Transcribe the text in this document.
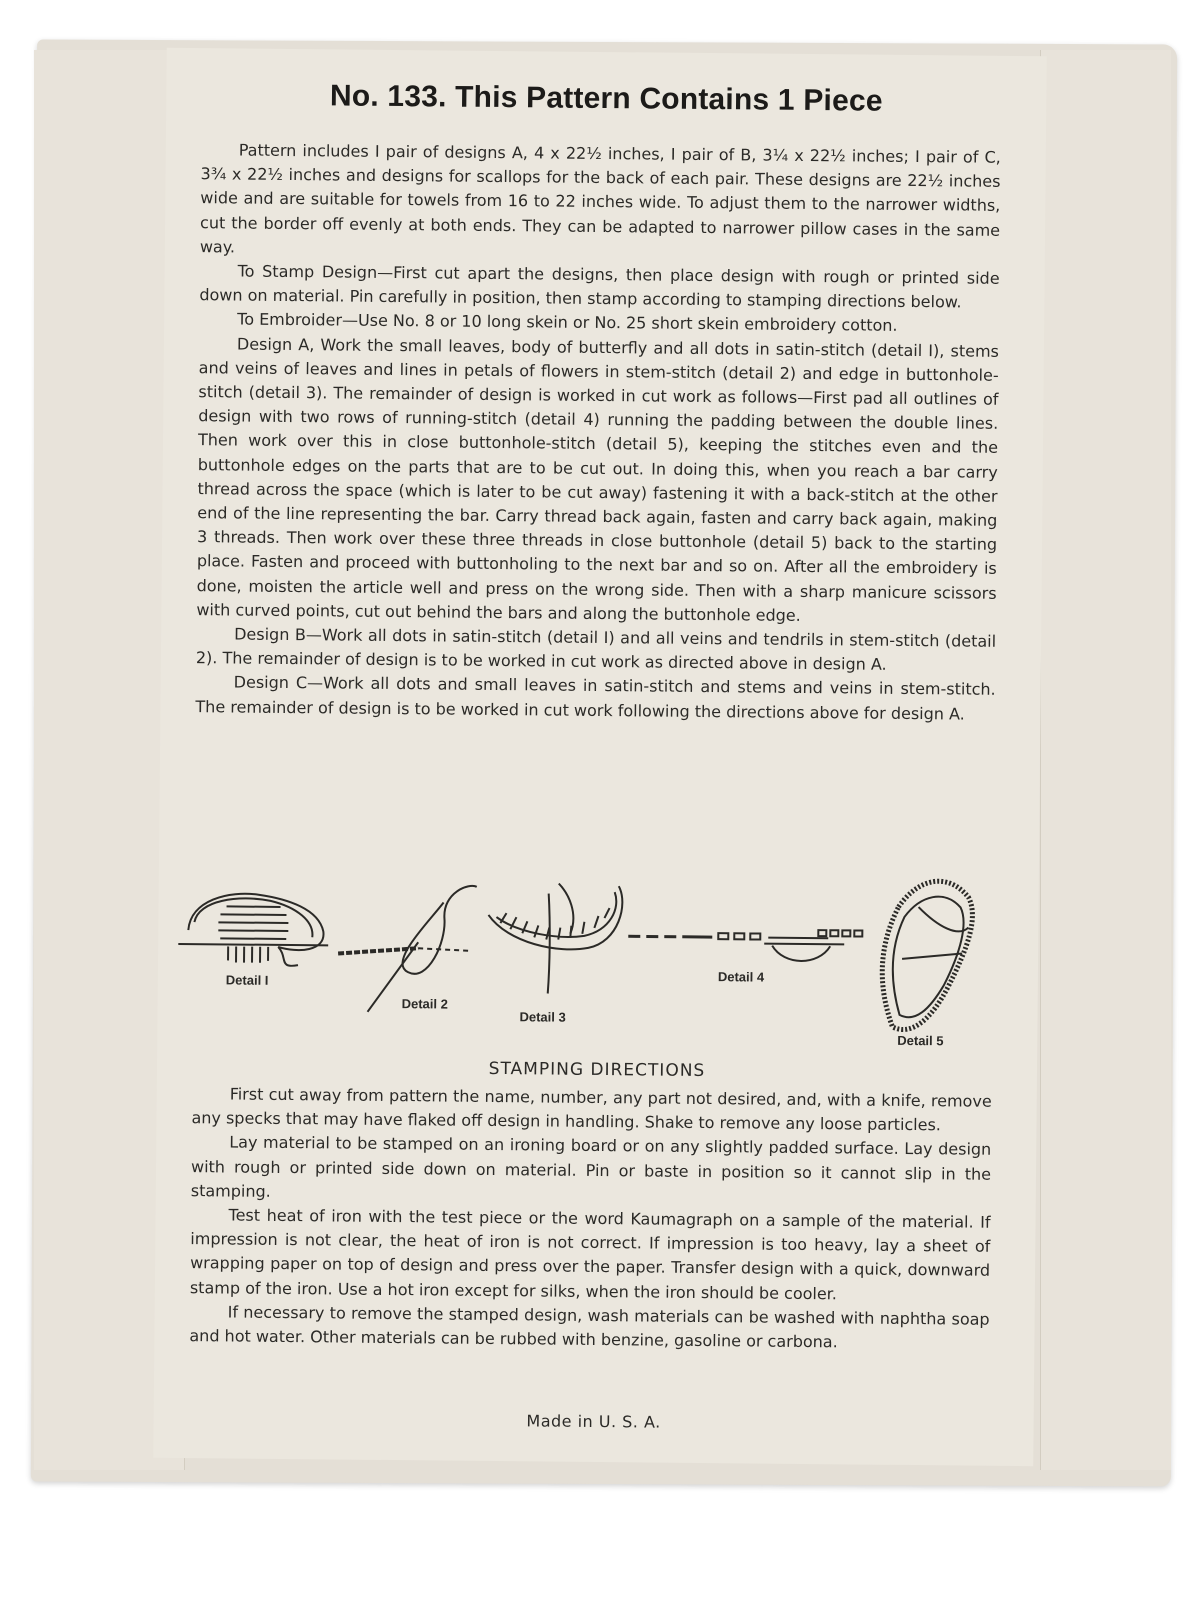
No. 133. This Pattern Contains 1 Piece

Pattern includes I pair of designs A, 4 x 22½ inches, I pair of B, 3¼ x 22½ inches; I pair of C, 3¾ x 22½ inches and designs for scallops for the back of each pair. These designs are 22½ inches wide and are suitable for towels from 16 to 22 inches wide. To adjust them to the narrower widths, cut the border off evenly at both ends. They can be adapted to narrower pillow cases in the same way.

To Stamp Design—First cut apart the designs, then place design with rough or printed side down on material. Pin carefully in position, then stamp according to stamping directions below.

To Embroider—Use No. 8 or 10 long skein or No. 25 short skein embroidery cotton.

Design A, Work the small leaves, body of butterfly and all dots in satin-stitch (detail I), stems and veins of leaves and lines in petals of flowers in stem-stitch (detail 2) and edge in buttonhole-stitch (detail 3). The remainder of design is worked in cut work as follows—First pad all outlines of design with two rows of running-stitch (detail 4) running the padding between the double lines. Then work over this in close buttonhole-stitch (detail 5), keeping the stitches even and the buttonhole edges on the parts that are to be cut out. In doing this, when you reach a bar carry thread across the space (which is later to be cut away) fastening it with a back-stitch at the other end of the line representing the bar. Carry thread back again, fasten and carry back again, making 3 threads. Then work over these three threads in close buttonhole (detail 5) back to the starting place. Fasten and proceed with buttonholing to the next bar and so on. After all the embroidery is done, moisten the article well and press on the wrong side. Then with a sharp manicure scissors with curved points, cut out behind the bars and along the buttonhole edge.

Design B—Work all dots in satin-stitch (detail I) and all veins and tendrils in stem-stitch (detail 2). The remainder of design is to be worked in cut work as directed above in design A.

Design C—Work all dots and small leaves in satin-stitch and stems and veins in stem-stitch. The remainder of design is to be worked in cut work following the directions above for design A.

Detail I
Detail 2
Detail 3
Detail 4
Detail 5
STAMPING DIRECTIONS

First cut away from pattern the name, number, any part not desired, and, with a knife, remove any specks that may have flaked off design in handling. Shake to remove any loose particles.

Lay material to be stamped on an ironing board or on any slightly padded surface. Lay design with rough or printed side down on material. Pin or baste in position so it cannot slip in the stamping.

Test heat of iron with the test piece or the word Kaumagraph on a sample of the material. If impression is not clear, the heat of iron is not correct. If impression is too heavy, lay a sheet of wrapping paper on top of design and press over the paper. Transfer design with a quick, downward stamp of the iron. Use a hot iron except for silks, when the iron should be cooler.

If necessary to remove the stamped design, wash materials can be washed with naphtha soap and hot water. Other materials can be rubbed with benzine, gasoline or carbona.

Made in U. S. A.
